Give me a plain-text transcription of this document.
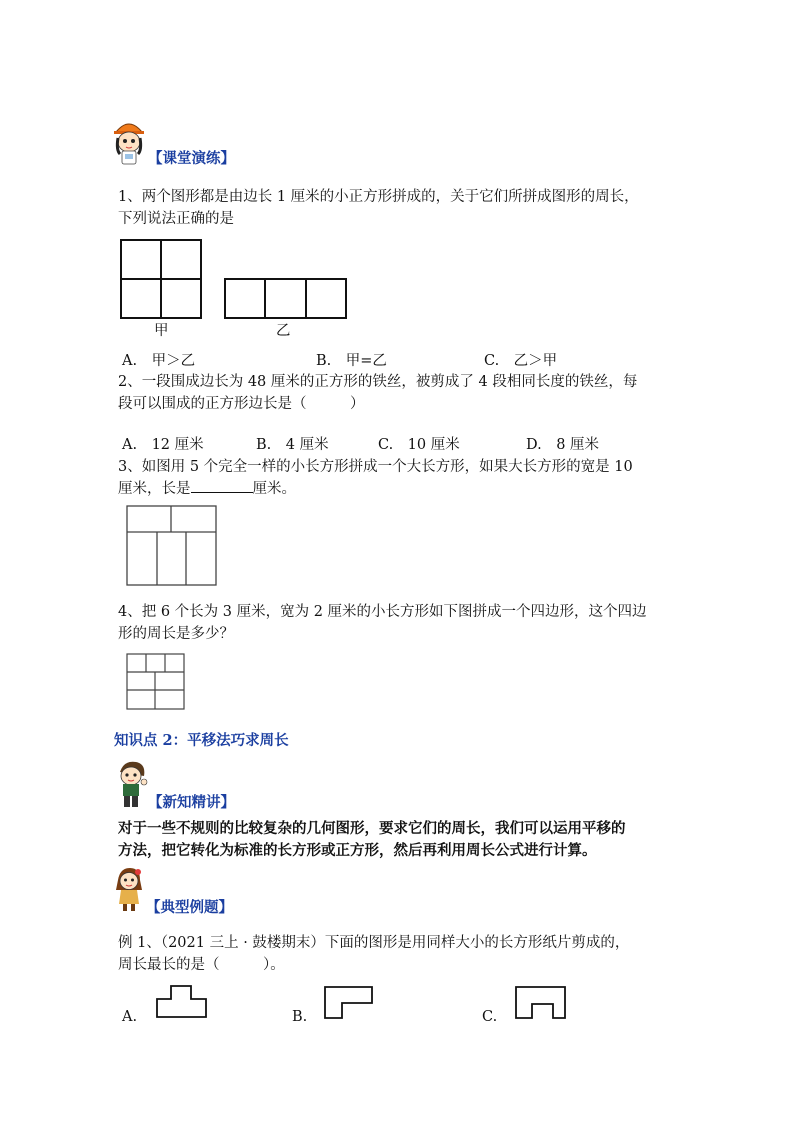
【课堂演练】
1、两个图形都是由边长 1 厘米的小正方形拼成的，关于它们所拼成图形的周长，
下列说法正确的是
甲	乙
A.　甲＞乙	B.　甲=乙	C.　乙＞甲
2、一段围成边长为 48 厘米的正方形的铁丝，被剪成了 4 段相同长度的铁丝，每
段可以围成的正方形边长是（　　　）
A.　12 厘米	B.　4 厘米	C.　10 厘米	D.　8 厘米
3、如图用 5 个完全一样的小长方形拼成一个大长方形，如果大长方形的宽是 10
厘米，长是	厘米。
4、把 6 个长为 3 厘米，宽为 2 厘米的小长方形如下图拼成一个四边形，这个四边
形的周长是多少？
知识点 2：平移法巧求周长
【新知精讲】
对于一些不规则的比较复杂的几何图形，要求它们的周长，我们可以运用平移的
方法，把它转化为标准的长方形或正方形，然后再利用周长公式进行计算。
【典型例题】
例 1、（2021 三上 · 鼓楼期末）下面的图形是用同样大小的长方形纸片剪成的，
周长最长的是（　　　）。
A.	B.	C.
